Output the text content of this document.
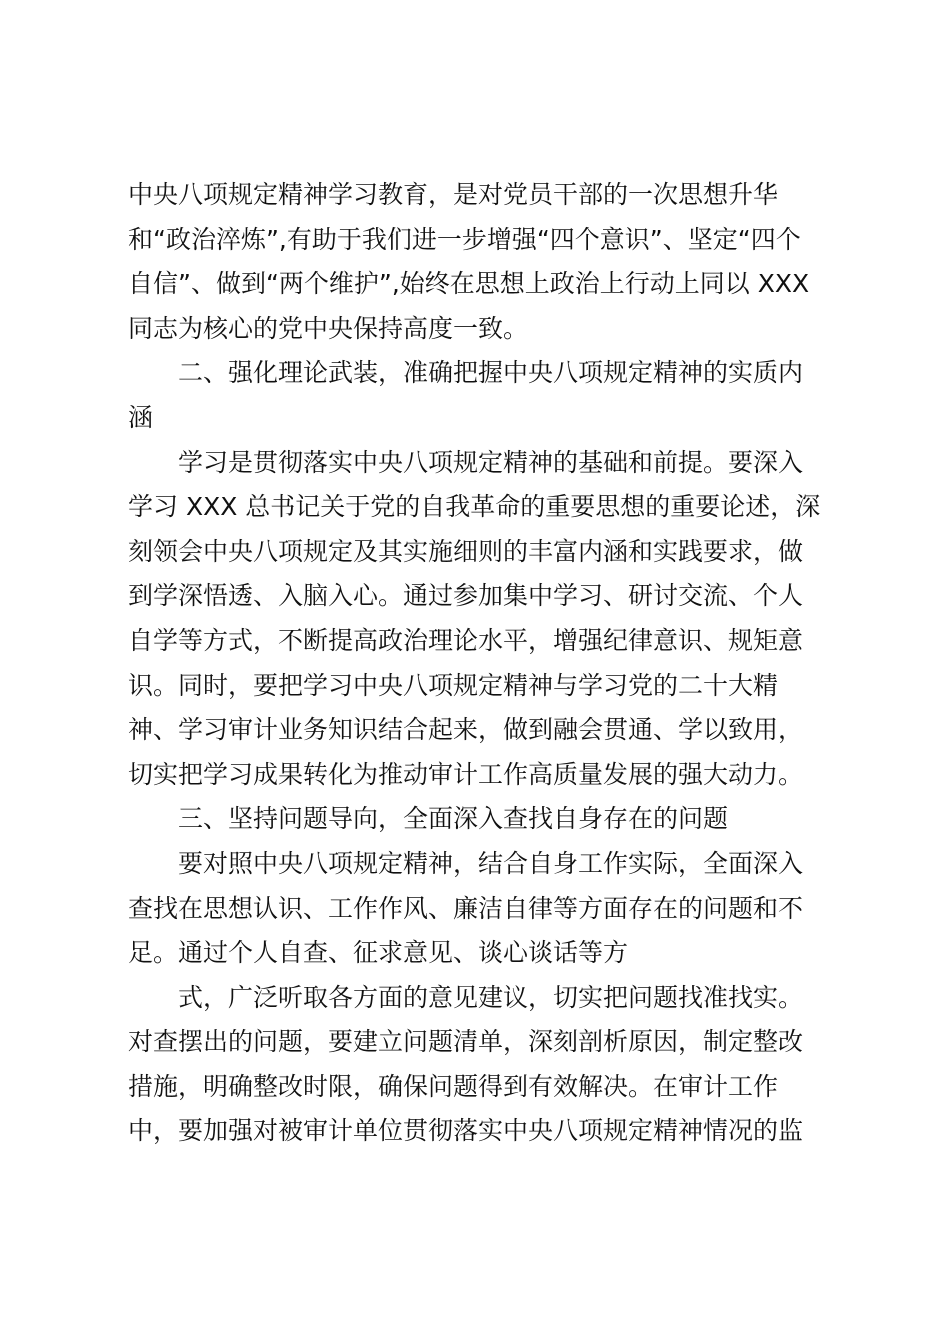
中央八项规定精神学习教育，是对党员干部的一次思想升华
和“政治淬炼”,有助于我们进一步增强“四个意识”、坚定“四个
自信”、做到“两个维护”,始终在思想上政治上行动上同以 XXX
同志为核心的党中央保持高度一致。
二、强化理论武装，准确把握中央八项规定精神的实质内
涵
学习是贯彻落实中央八项规定精神的基础和前提。要深入
学习 XXX 总书记关于党的自我革命的重要思想的重要论述，深
刻领会中央八项规定及其实施细则的丰富内涵和实践要求，做
到学深悟透、入脑入心。通过参加集中学习、研讨交流、个人
自学等方式，不断提高政治理论水平，增强纪律意识、规矩意
识。同时，要把学习中央八项规定精神与学习党的二十大精
神、学习审计业务知识结合起来，做到融会贯通、学以致用，
切实把学习成果转化为推动审计工作高质量发展的强大动力。
三、坚持问题导向，全面深入查找自身存在的问题
要对照中央八项规定精神，结合自身工作实际，全面深入
查找在思想认识、工作作风、廉洁自律等方面存在的问题和不
足。通过个人自查、征求意见、谈心谈话等方
式，广泛听取各方面的意见建议，切实把问题找准找实。
对查摆出的问题，要建立问题清单，深刻剖析原因，制定整改
措施，明确整改时限，确保问题得到有效解决。在审计工作
中，要加强对被审计单位贯彻落实中央八项规定精神情况的监
